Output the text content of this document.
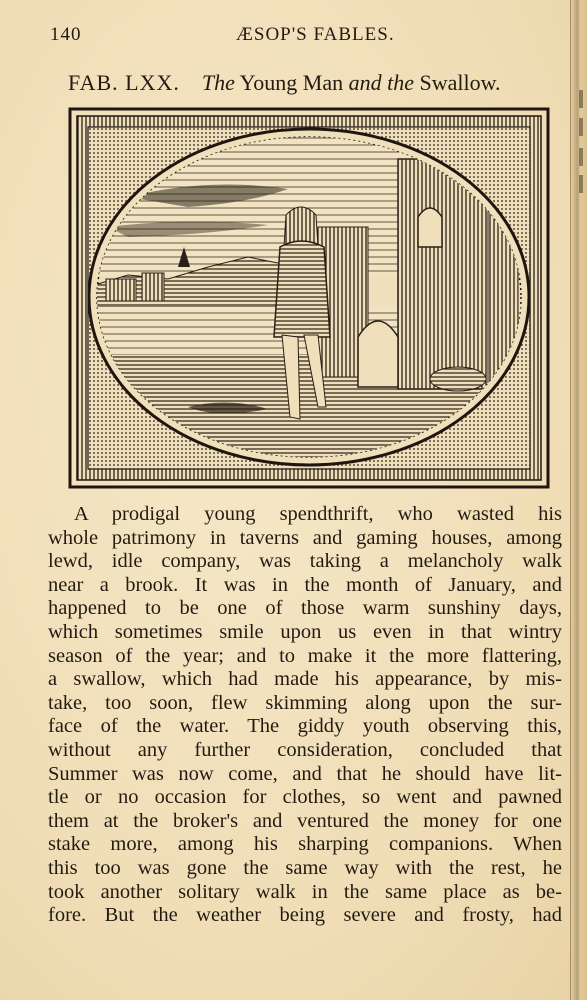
140	ÆSOP'S FABLES.
FAB. LXX. The Young Man and the Swallow.
A prodigal young spendthrift, who wasted his
whole patrimony in taverns and gaming houses, among
lewd, idle company, was taking a melancholy walk
near a brook. It was in the month of January, and
happened to be one of those warm sunshiny days,
which sometimes smile upon us even in that wintry
season of the year; and to make it the more flattering,
a swallow, which had made his appearance, by mis-
take, too soon, flew skimming along upon the sur-
face of the water. The giddy youth observing this,
without any further consideration, concluded that
Summer was now come, and that he should have lit-
tle or no occasion for clothes, so went and pawned
them at the broker's and ventured the money for one
stake more, among his sharping companions. When
this too was gone the same way with the rest, he
took another solitary walk in the same place as be-
fore. But the weather being severe and frosty, had
